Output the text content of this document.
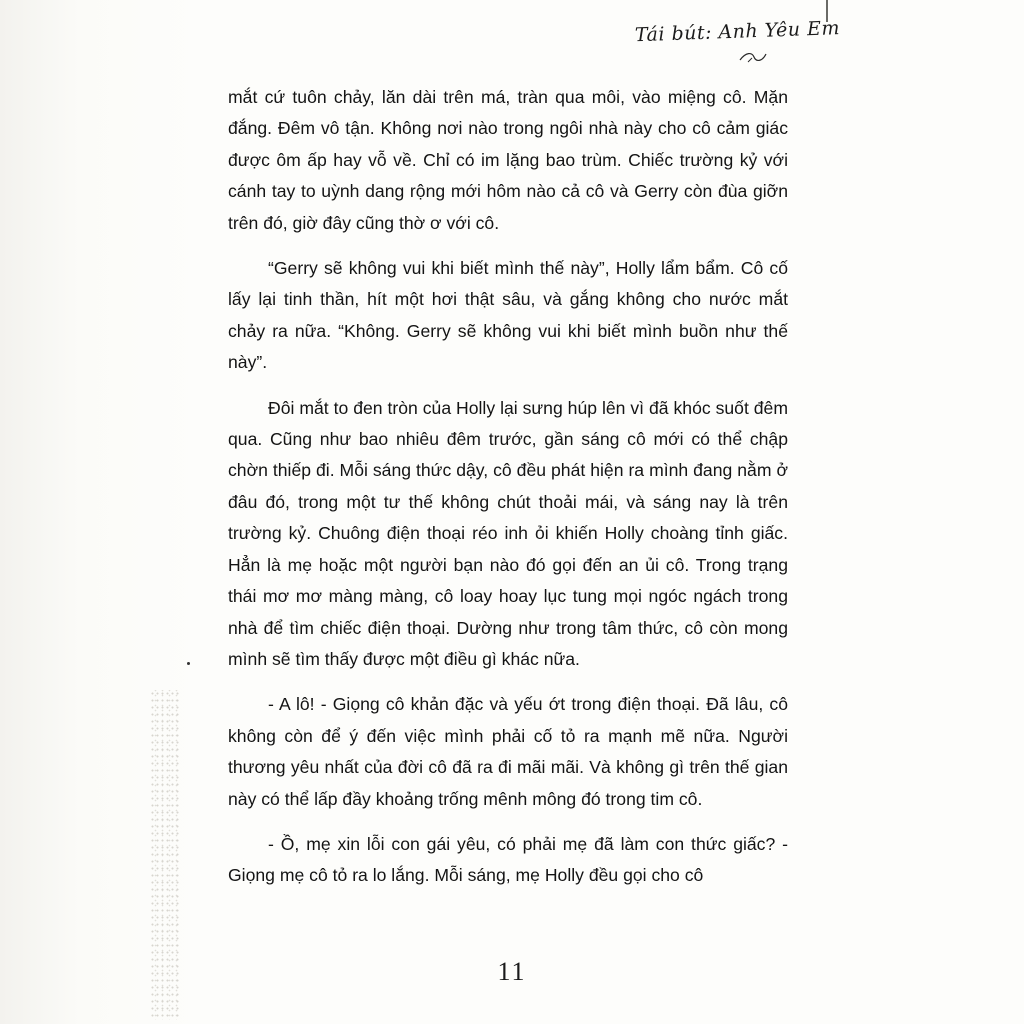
Tái bút: Anh Yêu Em

mắt cứ tuôn chảy, lăn dài trên má, tràn qua môi, vào miệng cô. Mặn đắng. Đêm vô tận. Không nơi nào trong ngôi nhà này cho cô cảm giác được ôm ấp hay vỗ về. Chỉ có im lặng bao trùm. Chiếc trường kỷ với cánh tay to uỳnh dang rộng mới hôm nào cả cô và Gerry còn đùa giỡn trên đó, giờ đây cũng thờ ơ với cô.

“Gerry sẽ không vui khi biết mình thế này”, Holly lẩm bẩm. Cô cố lấy lại tinh thần, hít một hơi thật sâu, và gắng không cho nước mắt chảy ra nữa. “Không. Gerry sẽ không vui khi biết mình buồn như thế này”.

Đôi mắt to đen tròn của Holly lại sưng húp lên vì đã khóc suốt đêm qua. Cũng như bao nhiêu đêm trước, gần sáng cô mới có thể chập chờn thiếp đi. Mỗi sáng thức dậy, cô đều phát hiện ra mình đang nằm ở đâu đó, trong một tư thế không chút thoải mái, và sáng nay là trên trường kỷ. Chuông điện thoại réo inh ỏi khiến Holly choàng tỉnh giấc. Hẳn là mẹ hoặc một người bạn nào đó gọi đến an ủi cô. Trong trạng thái mơ mơ màng màng, cô loay hoay lục tung mọi ngóc ngách trong nhà để tìm chiếc điện thoại. Dường như trong tâm thức, cô còn mong mình sẽ tìm thấy được một điều gì khác nữa.

- A lô! - Giọng cô khản đặc và yếu ớt trong điện thoại. Đã lâu, cô không còn để ý đến việc mình phải cố tỏ ra mạnh mẽ nữa. Người thương yêu nhất của đời cô đã ra đi mãi mãi. Và không gì trên thế gian này có thể lấp đầy khoảng trống mênh mông đó trong tim cô.

- Ồ, mẹ xin lỗi con gái yêu, có phải mẹ đã làm con thức giấc? - Giọng mẹ cô tỏ ra lo lắng. Mỗi sáng, mẹ Holly đều gọi cho cô

11
